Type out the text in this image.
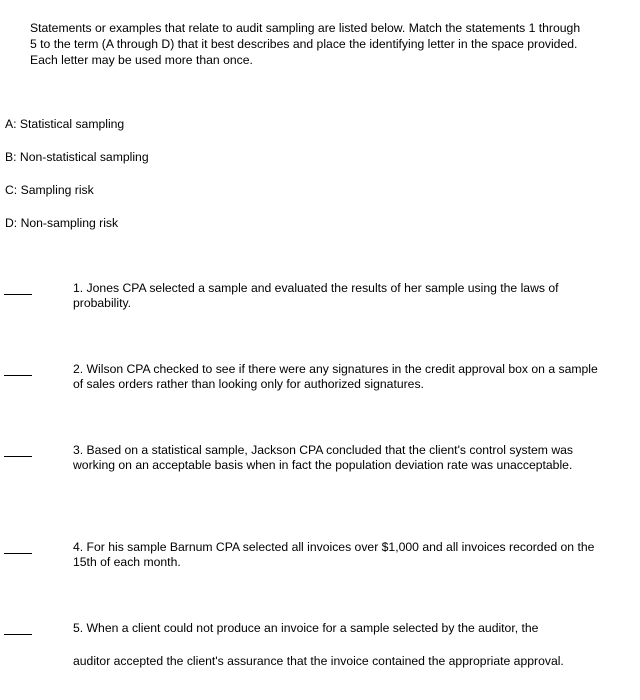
Statements or examples that relate to audit sampling are listed below. Match the statements 1 through 5 to the term (A through D) that it best describes and place the identifying letter in the space provided. Each letter may be used more than once.
A: Statistical sampling
B: Non-statistical sampling
C: Sampling risk
D: Non-sampling risk

1. Jones CPA selected a sample and evaluated the results of her sample using the laws of probability.

2. Wilson CPA checked to see if there were any signatures in the credit approval box on a sample of sales orders rather than looking only for authorized signatures.

3. Based on a statistical sample, Jackson CPA concluded that the client's control system was working on an acceptable basis when in fact the population deviation rate was unacceptable.

4. For his sample Barnum CPA selected all invoices over $1,000 and all invoices recorded on the 15th of each month.

5. When a client could not produce an invoice for a sample selected by the auditor, the

auditor accepted the client's assurance that the invoice contained the appropriate approval.
